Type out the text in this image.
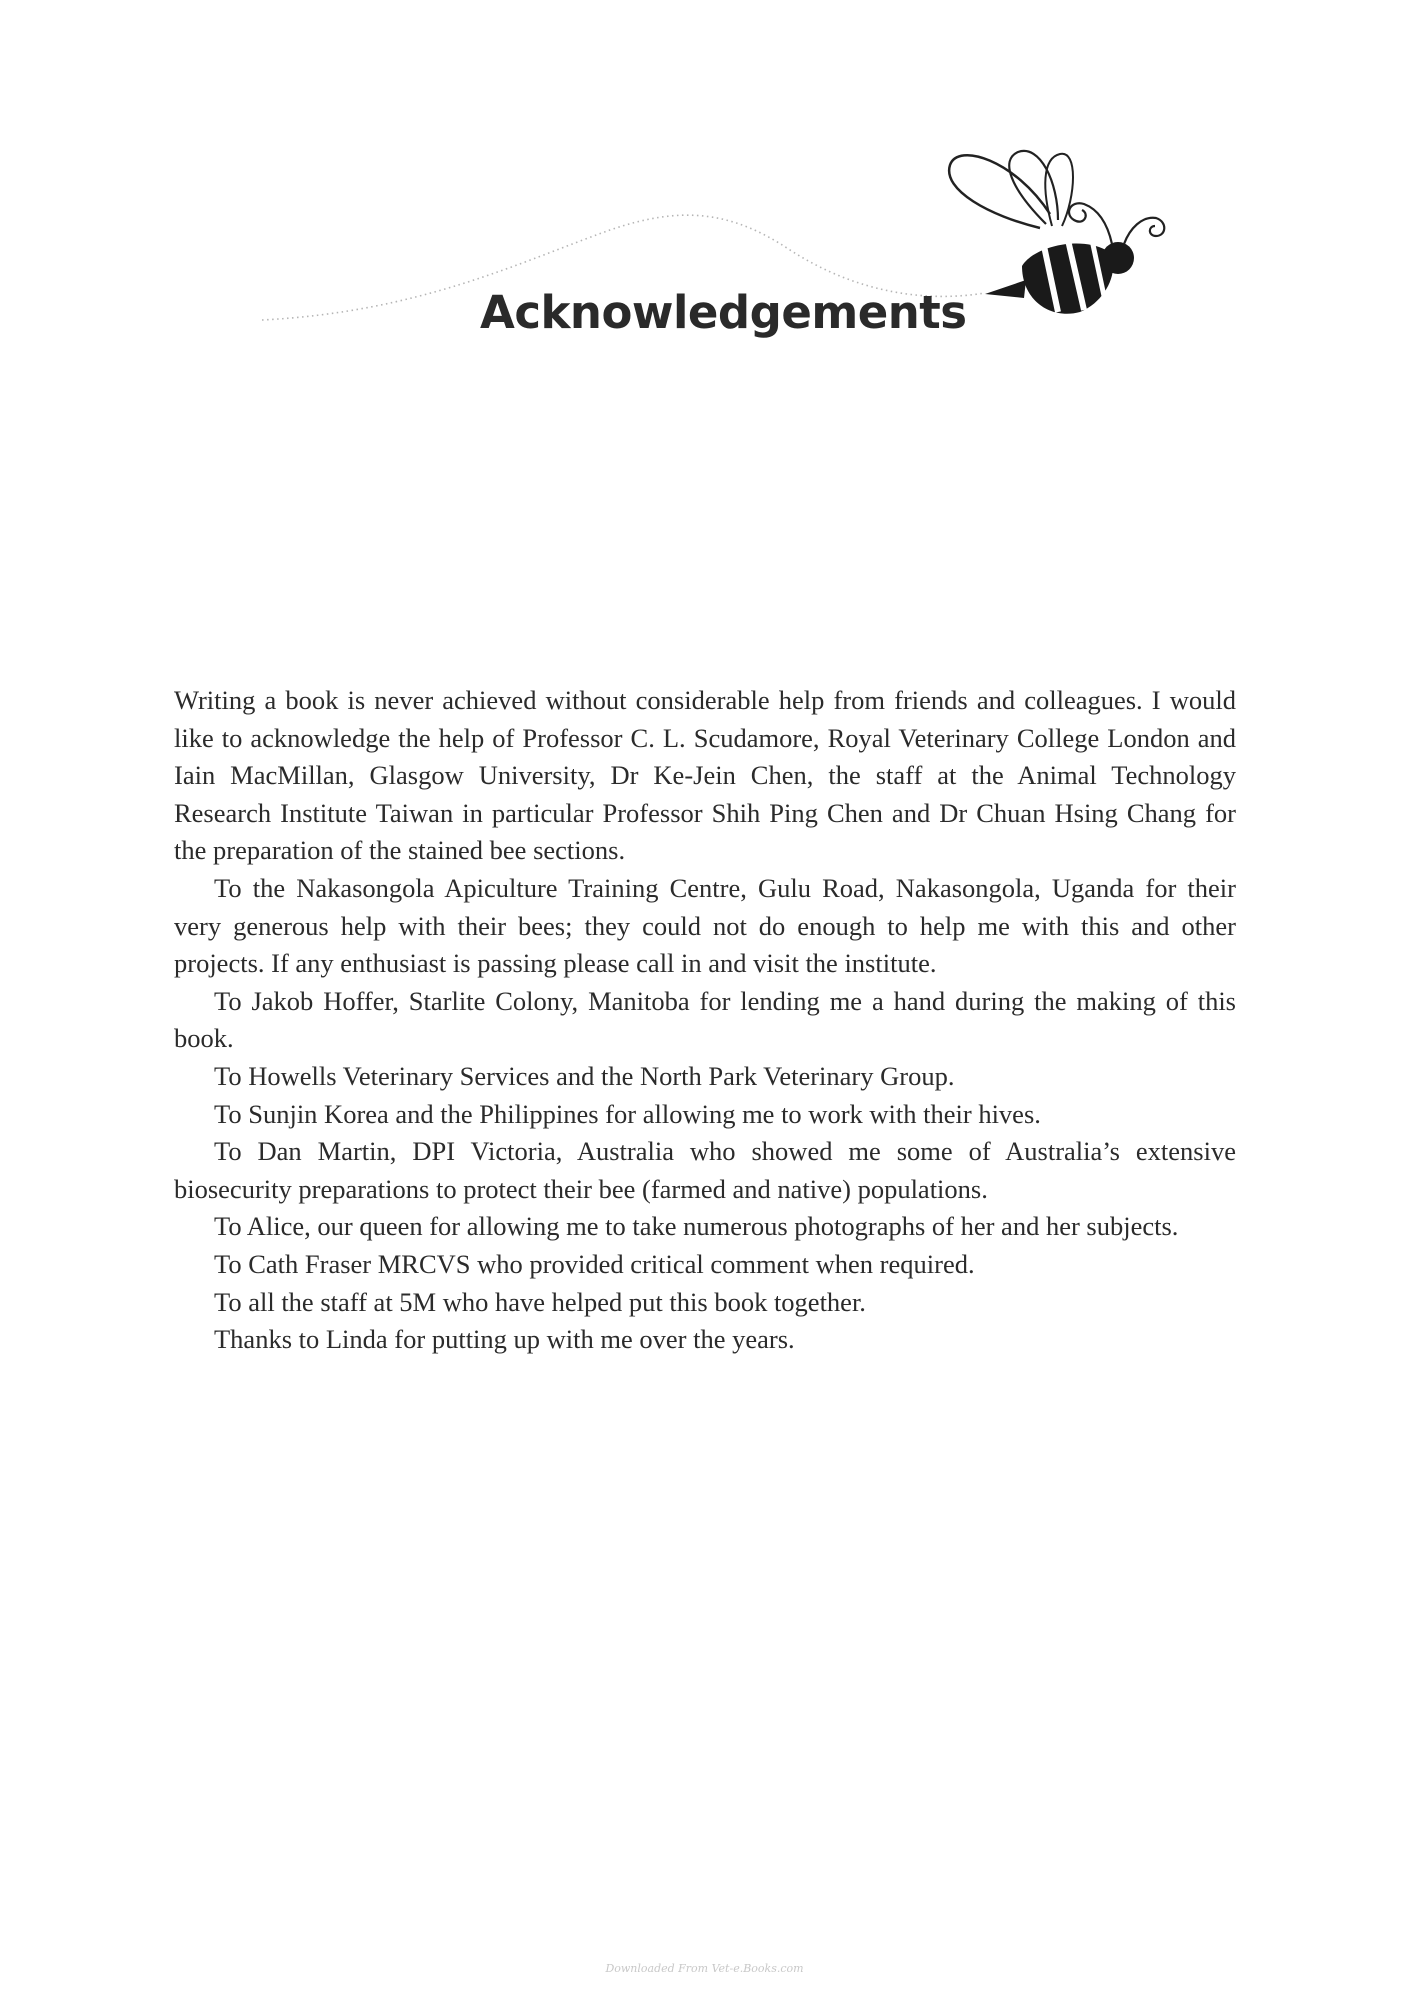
Acknowledgements

Writing a book is never achieved without considerable help from friends and colleagues. I would like to acknowledge the help of Professor C. L. Scudamore, Royal Veterinary College London and Iain MacMillan, Glasgow University, Dr Ke-Jein Chen, the staff at the Animal Technology Research Institute Taiwan in particular Professor Shih Ping Chen and Dr Chuan Hsing Chang for the preparation of the stained bee sections.

To the Nakasongola Apiculture Training Centre, Gulu Road, Nakasongola, Uganda for their very generous help with their bees; they could not do enough to help me with this and other projects. If any enthusiast is passing please call in and visit the institute.

To Jakob Hoffer, Starlite Colony, Manitoba for lending me a hand during the making of this book.

To Howells Veterinary Services and the North Park Veterinary Group.

To Sunjin Korea and the Philippines for allowing me to work with their hives.

To Dan Martin, DPI Victoria, Australia who showed me some of Australia’s extensive biosecurity preparations to protect their bee (farmed and native) populations.

To Alice, our queen for allowing me to take numerous photographs of her and her subjects.

To Cath Fraser MRCVS who provided critical comment when required.

To all the staff at 5M who have helped put this book together.

Thanks to Linda for putting up with me over the years.

Downloaded From Vet-e.Books.com
